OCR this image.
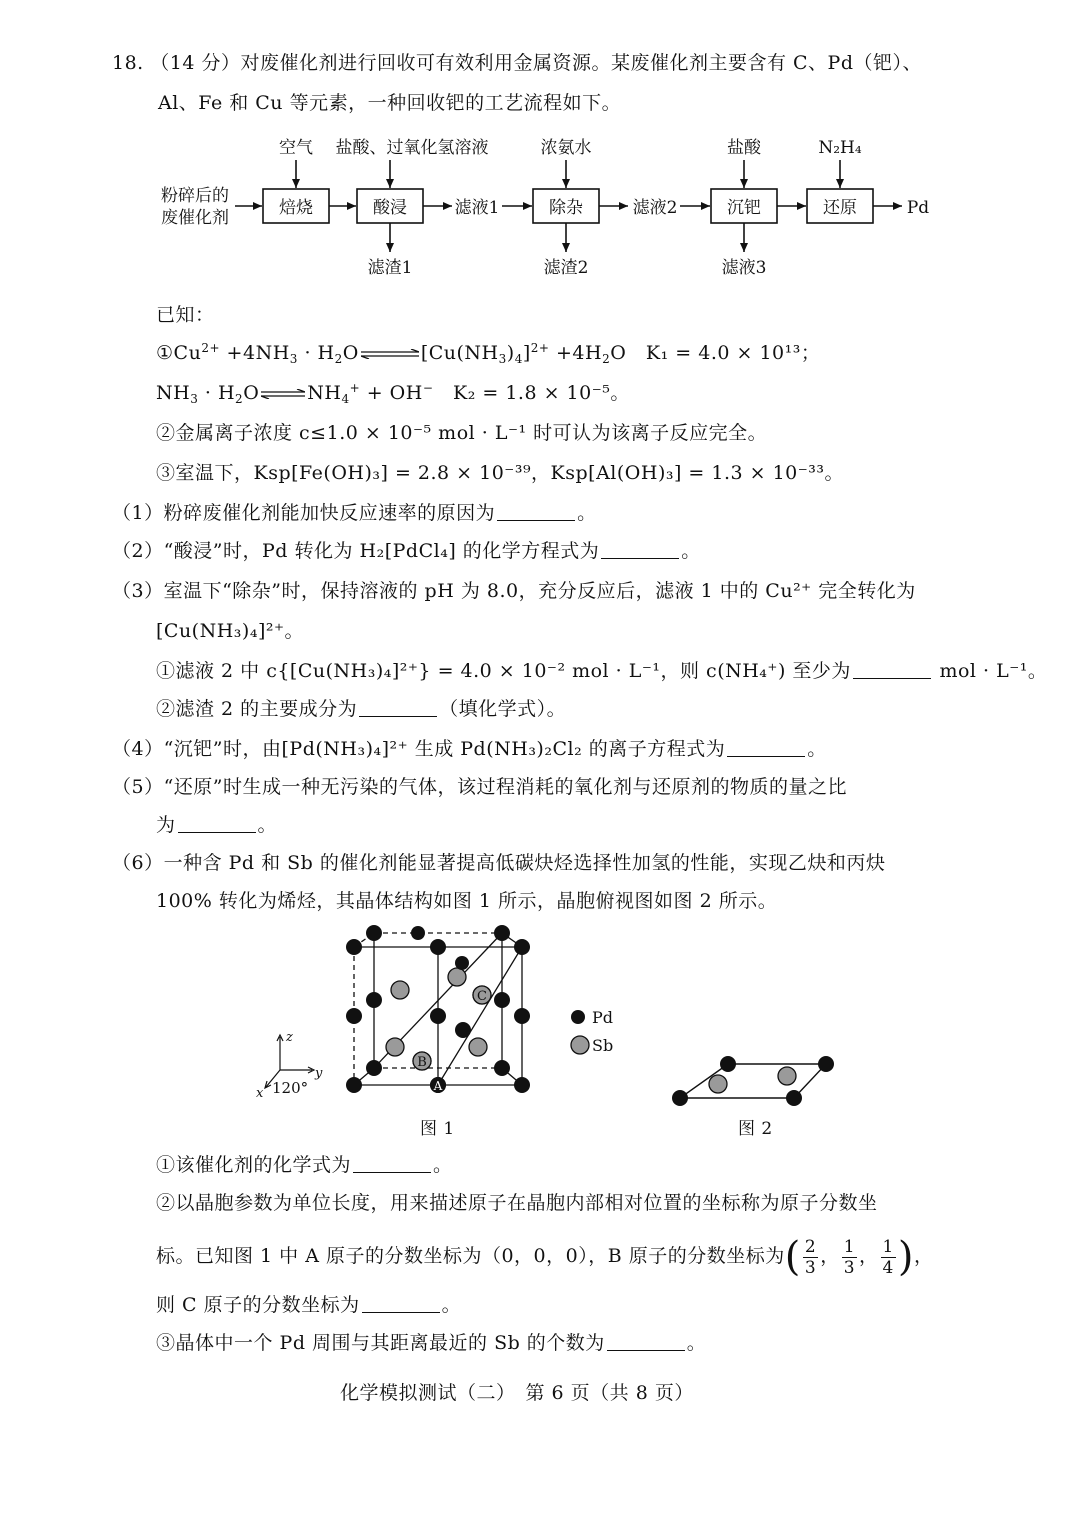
18. （14 分）对废催化剂进行回收可有效利用金属资源。某废催化剂主要含有 C、Pd（钯）、
Al、Fe 和 Cu 等元素，一种回收钯的工艺流程如下。
粉碎后的
废催化剂	焙烧	酸浸	除杂	沉钯	还原
空气 盐酸、过氧化氢溶液	浓氨水	盐酸	N₂H₄
滤液1	滤液2
滤渣1	滤渣2	滤液3
Pd
已知：
$①Cu^{2+} +4NH_3 \cdot H_2O$ ⇌ $[Cu(NH_3)_4]^{2+} +4H_2O$   K₁ = 4.0 × 10¹³；
$NH_3 \cdot H_2O$ ⇌ $NH_4^+ + OH^-$ K₂ = 1.8 × 10⁻⁵。
②金属离子浓度 c≤1.0 × 10⁻⁵ mol · L⁻¹ 时可认为该离子反应完全。
③室温下，Ksp[Fe(OH)₃] = 2.8 × 10⁻³⁹，Ksp[Al(OH)₃] = 1.3 × 10⁻³³。
（1）粉碎废催化剂能加快反应速率的原因为	。
（2）“酸浸”时，Pd 转化为 H₂[PdCl₄] 的化学方程式为	。
（3）室温下“除杂”时，保持溶液的 pH 为 8.0，充分反应后，滤液 1 中的 Cu²⁺ 完全转化为
[Cu(NH₃)₄]²⁺。
①滤液 2 中 c{[Cu(NH₃)₄]²⁺} = 4.0 × 10⁻² mol · L⁻¹，则 c(NH₄⁺) 至少为	mol · L⁻¹。
②滤渣 2 的主要成分为	（填化学式）。
（4）“沉钯”时，由[Pd(NH₃)₄]²⁺ 生成 Pd(NH₃)₂Cl₂ 的离子方程式为	。
（5）“还原”时生成一种无污染的气体，该过程消耗的氧化剂与还原剂的物质的量之比
为	。
（6）一种含 Pd 和 Sb 的催化剂能显著提高低碳炔烃选择性加氢的性能，实现乙炔和丙炔
100% 转化为烯烃，其晶体结构如图 1 所示，晶胞俯视图如图 2 所示。
A
B
C
z
y
x 120°
Pd
Sb
图 1	图 2
①该催化剂的化学式为	。
②以晶胞参数为单位长度，用来描述原子在晶胞内部相对位置的坐标称为原子分数坐
标。已知图 1 中 A 原子的分数坐标为（0，0，0），B 原子的分数坐标为( $\frac{2}{3}$ ， $\frac{1}{3}$ ， $\frac{1}{4}$ )，
则 C 原子的分数坐标为	。
③晶体中一个 Pd 周围与其距离最近的 Sb 的个数为	。
化学模拟测试（二）　第 6 页（共 8 页）
